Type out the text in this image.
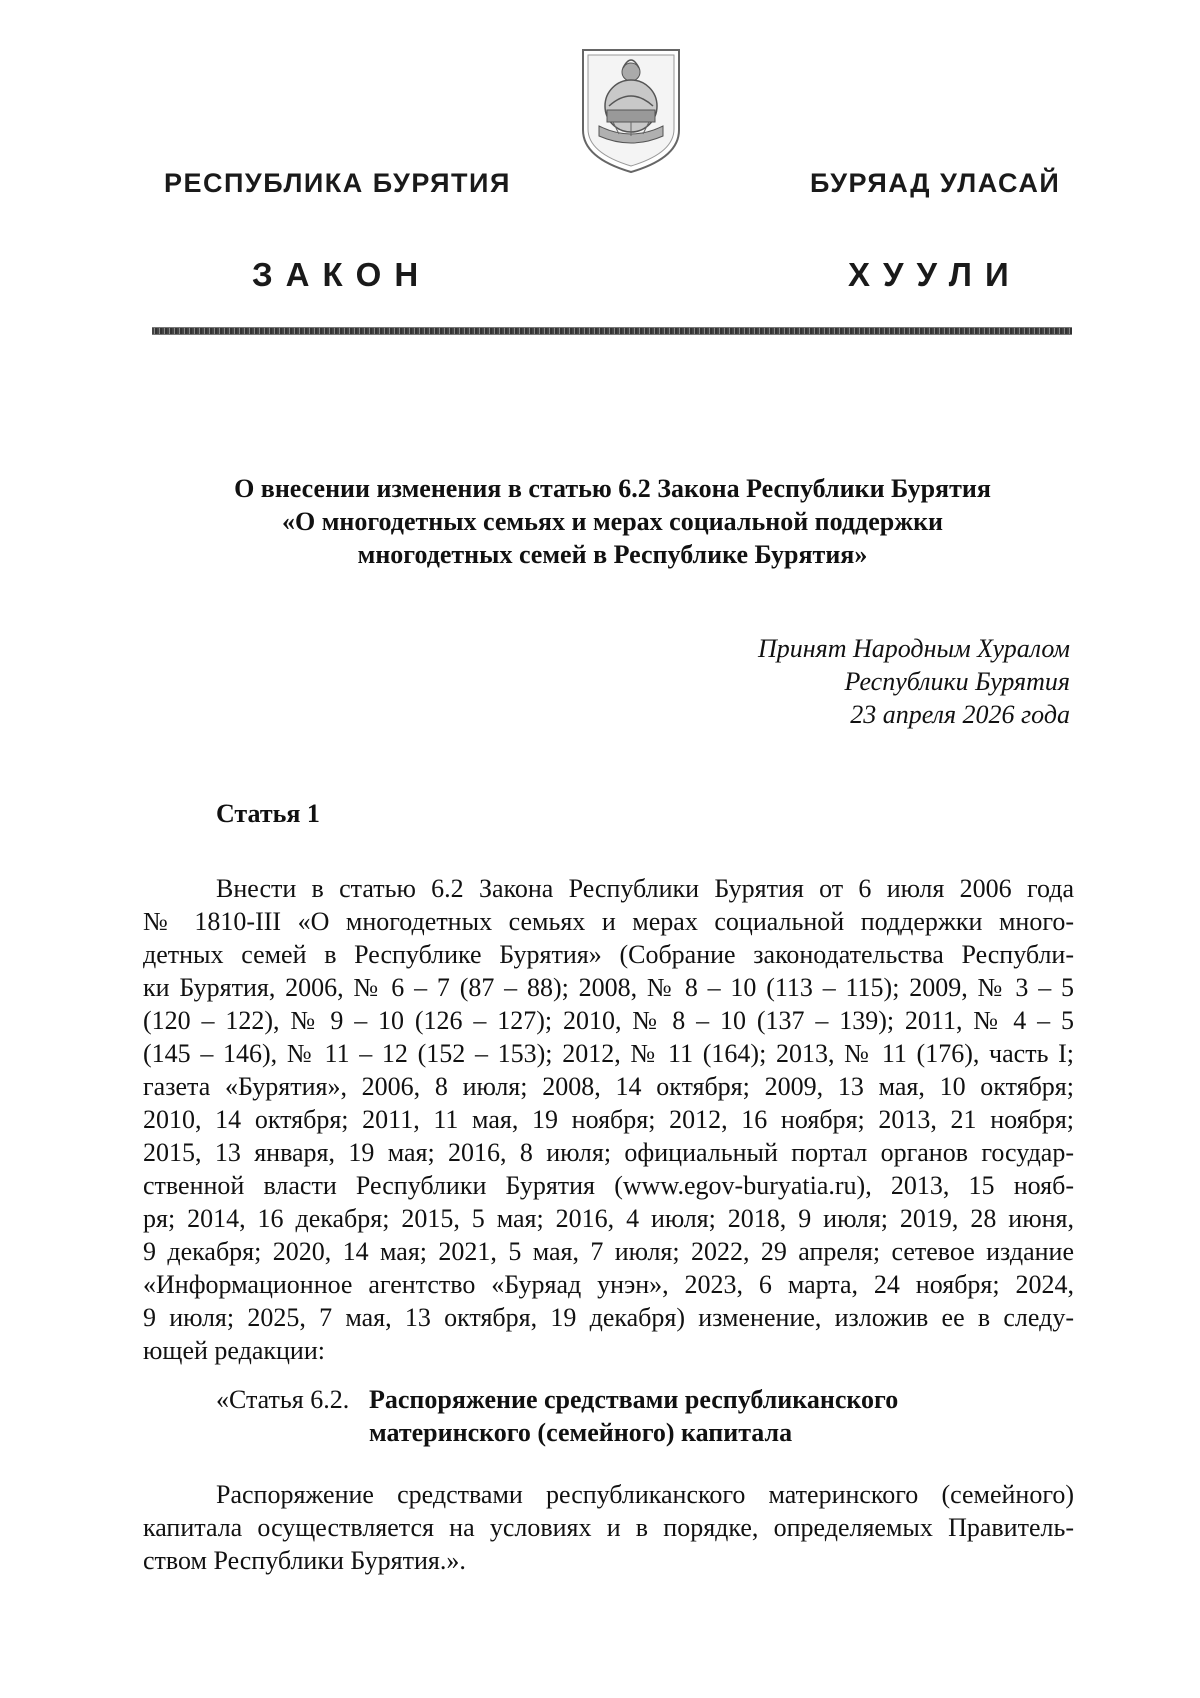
РЕСПУБЛИКА БУРЯТИЯ	БУРЯАД УЛАСАЙ
ЗАКОН	ХУУЛИ
О внесении изменения в статью 6.2 Закона Республики Бурятия
«О многодетных семьях и мерах социальной поддержки
многодетных семей в Республике Бурятия»
Принят Народным Хуралом
Республики Бурятия
23 апреля 2026 года
Статья 1
Внести в статью 6.2 Закона Республики Бурятия от 6 июля 2006 года
№ 1810-III «О многодетных семьях и мерах социальной поддержки много-
детных семей в Республике Бурятия» (Собрание законодательства Республи-
ки Бурятия, 2006, № 6 – 7 (87 – 88); 2008, № 8 – 10 (113 – 115); 2009, № 3 – 5
(120 – 122), № 9 – 10 (126 – 127); 2010, № 8 – 10 (137 – 139); 2011, № 4 – 5
(145 – 146), № 11 – 12 (152 – 153); 2012, № 11 (164); 2013, № 11 (176), часть I;
газета «Бурятия», 2006, 8 июля; 2008, 14 октября; 2009, 13 мая, 10 октября;
2010, 14 октября; 2011, 11 мая, 19 ноября; 2012, 16 ноября; 2013, 21 ноября;
2015, 13 января, 19 мая; 2016, 8 июля; официальный портал органов государ-
ственной власти Республики Бурятия (www.egov-buryatia.ru), 2013, 15 нояб-
ря; 2014, 16 декабря; 2015, 5 мая; 2016, 4 июля; 2018, 9 июля; 2019, 28 июня,
9 декабря; 2020, 14 мая; 2021, 5 мая, 7 июля; 2022, 29 апреля; сетевое издание
«Информационное агентство «Буряад унэн», 2023, 6 марта, 24 ноября; 2024,
9 июля; 2025, 7 мая, 13 октября, 19 декабря) изменение, изложив ее в следу-
ющей редакции:
«Статья 6.2. Распоряжение средствами республиканского
материнского (семейного) капитала
Распоряжение средствами республиканского материнского (семейного)
капитала осуществляется на условиях и в порядке, определяемых Правитель-
ством Республики Бурятия.».
